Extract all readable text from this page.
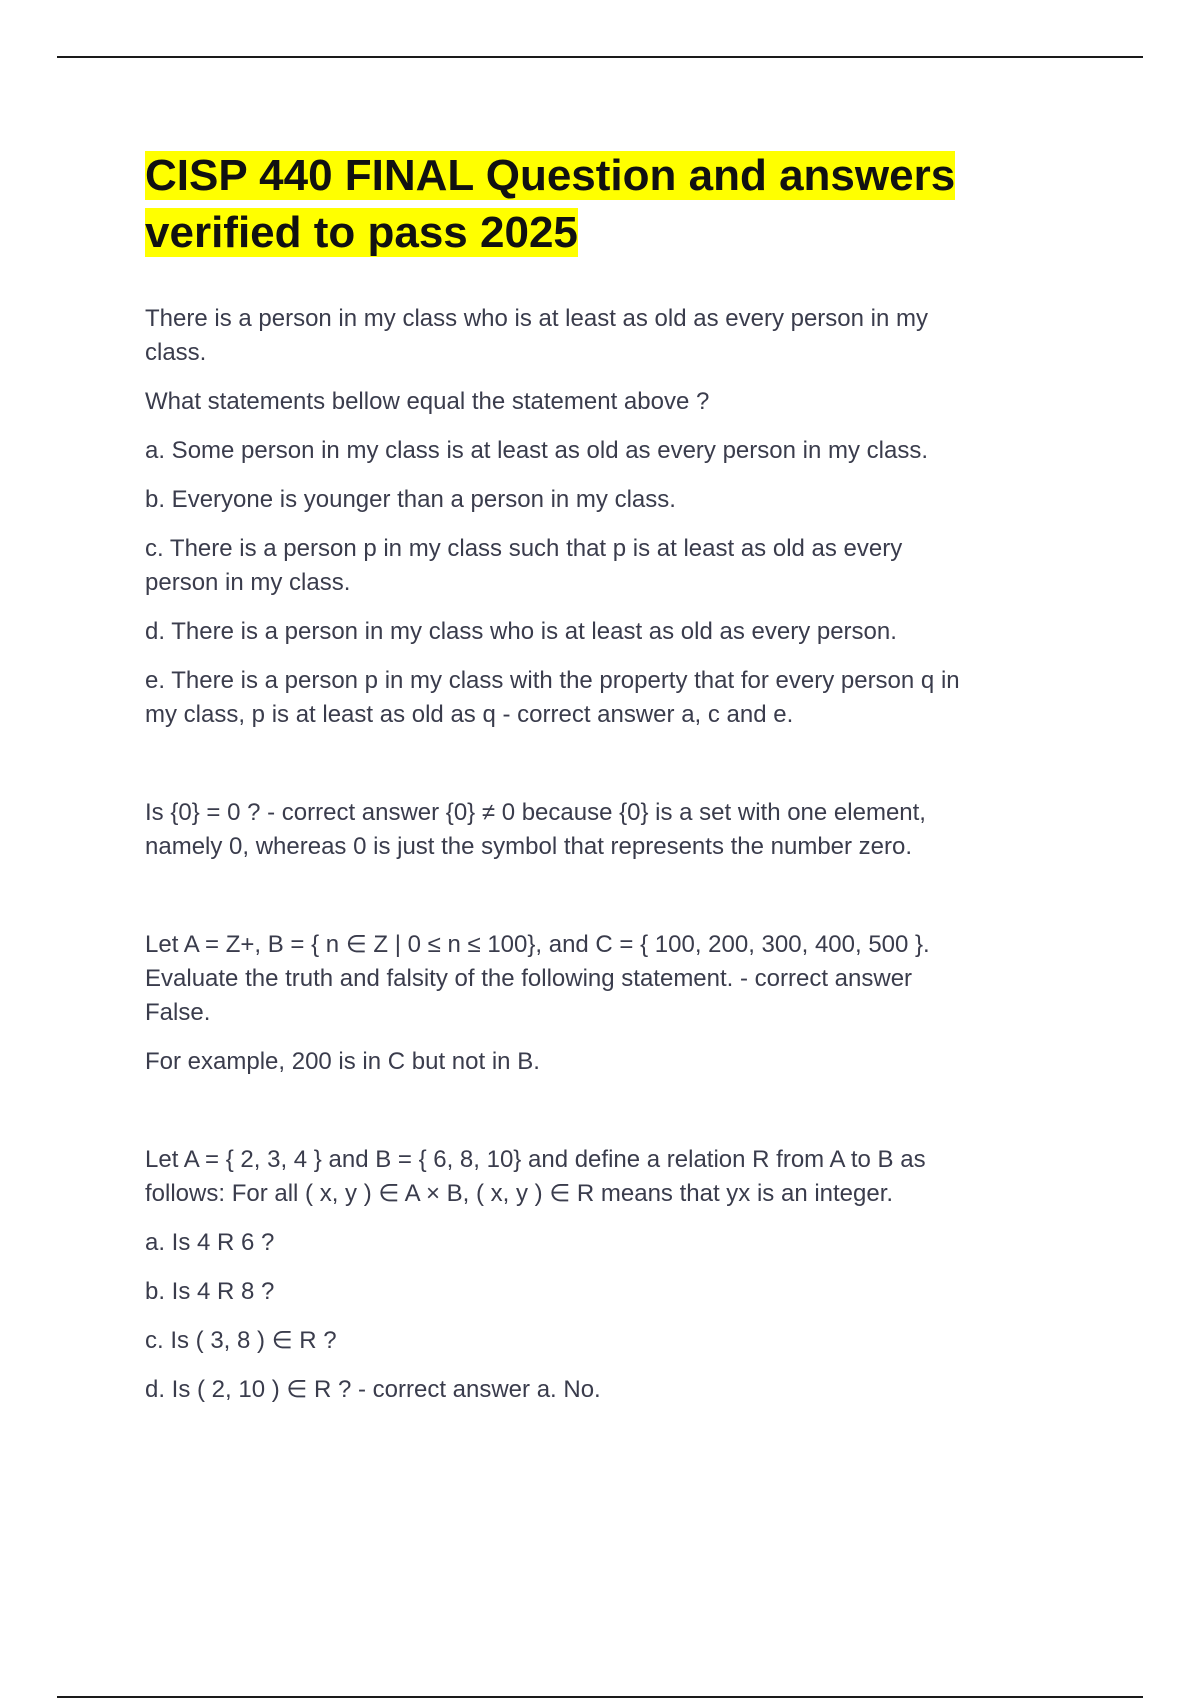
CISP 440 FINAL Question and answers
verified to pass 2025

There is a person in my class who is at least as old as every person in my
class.

What statements bellow equal the statement above ?

a. Some person in my class is at least as old as every person in my class.

b. Everyone is younger than a person in my class.

c. There is a person p in my class such that p is at least as old as every
person in my class.

d. There is a person in my class who is at least as old as every person.

e. There is a person p in my class with the property that for every person q in
my class, p is at least as old as q - correct answer a, c and e.

Is {0} = 0 ? - correct answer {0} ≠ 0 because {0} is a set with one element,
namely 0, whereas 0 is just the symbol that represents the number zero.

Let A = Z+, B = { n ∈ Z | 0 ≤ n ≤ 100}, and C = { 100, 200, 300, 400, 500 }.
Evaluate the truth and falsity of the following statement. - correct answer
False.

For example, 200 is in C but not in B.

Let A = { 2, 3, 4 } and B = { 6, 8, 10} and define a relation R from A to B as
follows: For all ( x, y ) ∈ A × B, ( x, y ) ∈ R means that yx is an integer.

a. Is 4 R 6 ?

b. Is 4 R 8 ?

c. Is ( 3, 8 ) ∈ R ?

d. Is ( 2, 10 ) ∈ R ? - correct answer a. No.
